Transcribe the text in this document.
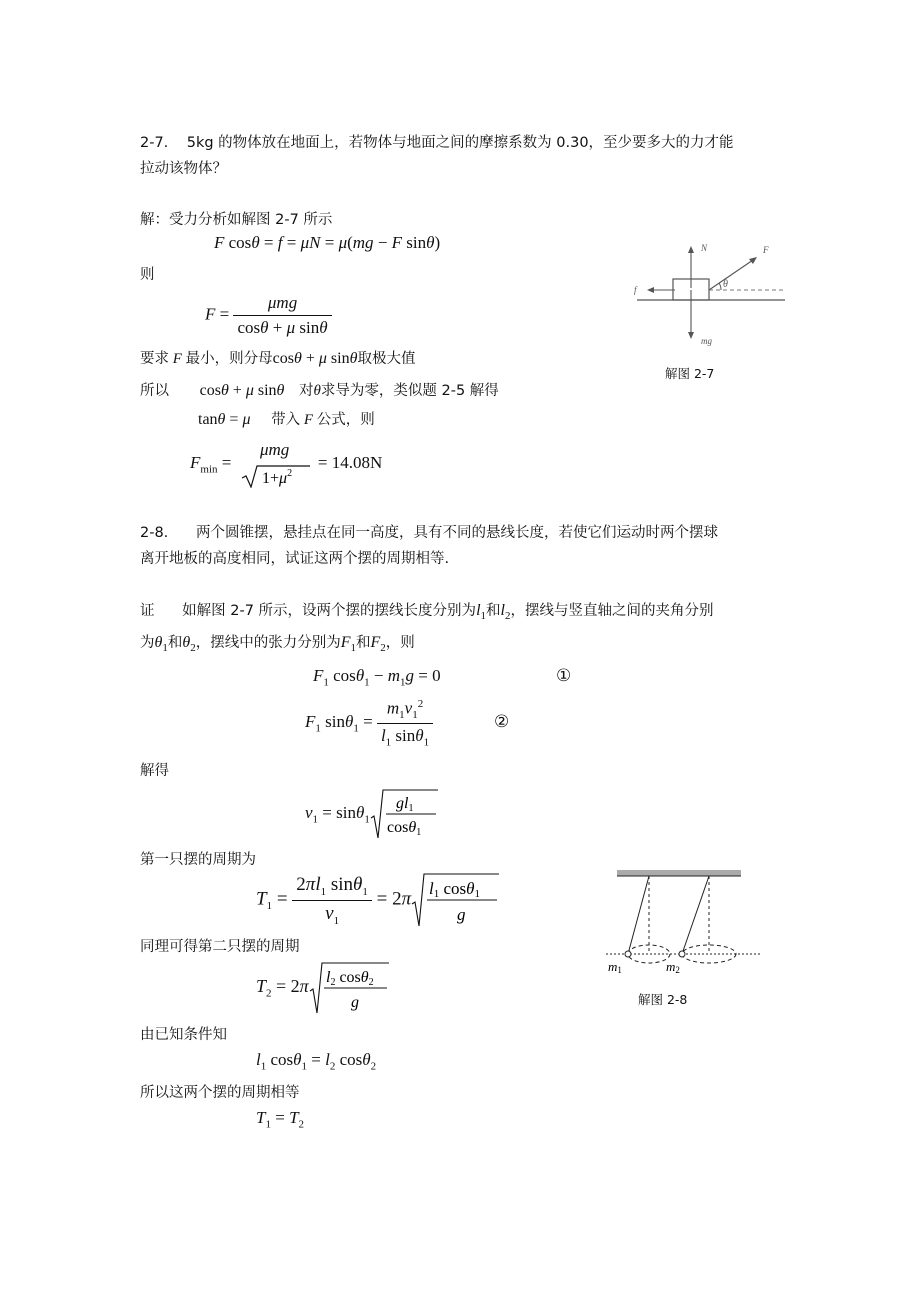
2-7. 5kg 的物体放在地面上，若物体与地面之间的摩擦系数为 0.30，至少要多大的力才能
拉动该物体？
解：受力分析如解图 2-7 所示
F cosθ = f = μN = μ(mg − F sinθ)
则
$F = \frac{\text{μmg}}{\text{cosθ + μ sinθ}}$
要求 F 最小，则分母cosθ + μ sinθ取极大值
所以 cosθ + μ sinθ 对θ求导为零，类似题 2-5 解得
tanθ = μ 带入 F 公式，则
$F_{min}$ =
μmg
$1+\mu^2$
= 14.08N
N	F
f	θ
mg
解图 2-7
2-8. 两个圆锥摆，悬挂点在同一高度，具有不同的悬线长度，若使它们运动时两个摆球
离开地板的高度相同，试证这两个摆的周期相等.
证 如解图 2-7 所示，设两个摆的摆线长度分别为$l_1$和$l_2$，摆线与竖直轴之间的夹角分别
为$\theta_1$和$\theta_2$，摆线中的张力分别为$F_1$和$F_2$，则
$F_1$ $\cos\theta_1 - m_1g = 0$	①
$F_1$ $\sin\theta_1 = \frac{m_1v_1^2}{l_1 \sin\theta_1}$	②
解得
$v_1 = \sin\theta_1$
gl1
cosθ1
第一只摆的周期为
$T_1 = \frac{2\pi l_1 \sin\theta_1}{v_1} = 2\pi$ l1 cosθ1
g
同理可得第二只摆的周期
$T_2 = 2\pi$ l2 cosθ2
g
由已知条件知
$l_1$ $\cos\theta_1 = l_2$ cosθ$_2$
所以这两个摆的周期相等
$T_1 = T_2$
m1	m2
解图 2-8
